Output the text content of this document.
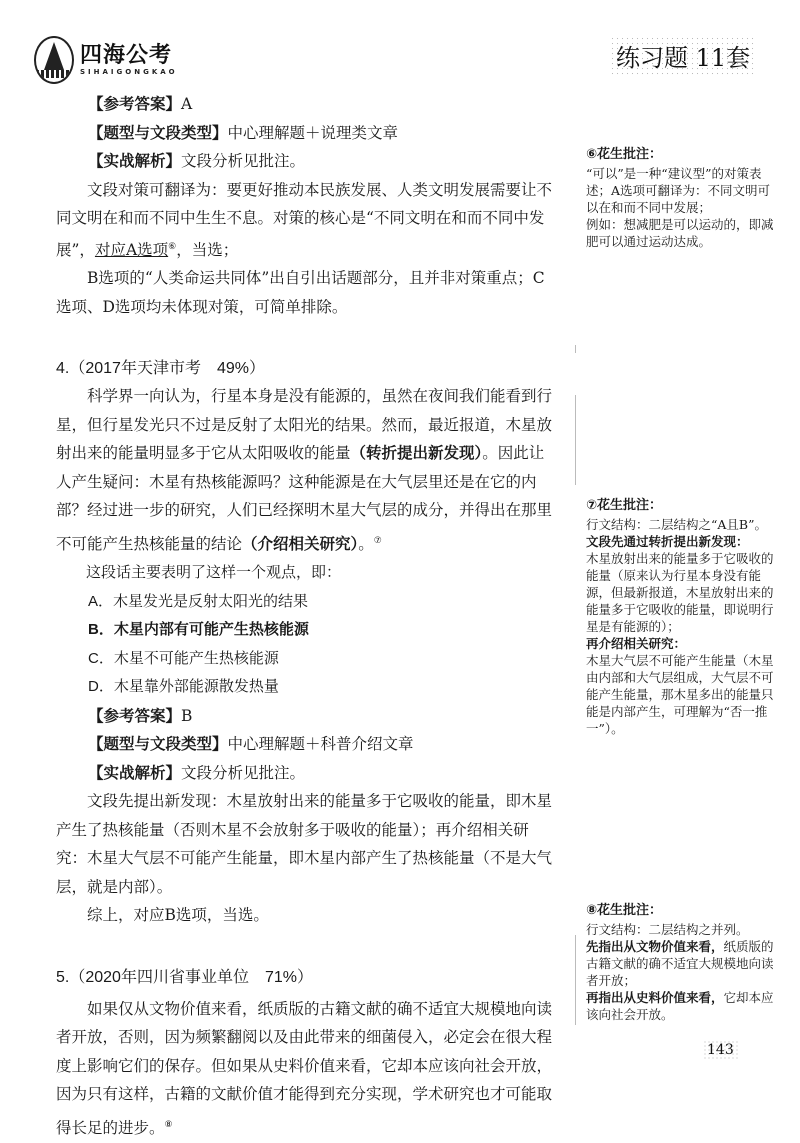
四海公考
SIHAIGONGKAO	练习题 11套

【参考答案】A

【题型与文段类型】中心理解题＋说理类文章

【实战解析】文段分析见批注。

文段对策可翻译为：要更好推动本民族发展、人类文明发展需要让不同文明在和而不同中生生不息。对策的核心是“不同文明在和而不同中发展”，对应A选项⑥，当选；

B选项的“人类命运共同体”出自引出话题部分，且并非对策重点；C选项、D选项均未体现对策，可简单排除。

4.（2017年天津市考　49%）

科学界一向认为，行星本身是没有能源的，虽然在夜间我们能看到行星，但行星发光只不过是反射了太阳光的结果。然而，最近报道，木星放射出来的能量明显多于它从太阳吸收的能量（转折提出新发现）。因此让人产生疑问：木星有热核能源吗？这种能源是在大气层里还是在它的内部？经过进一步的研究，人们已经探明木星大气层的成分，并得出在那里不可能产生热核能量的结论（介绍相关研究）。⑦

这段话主要表明了这样一个观点，即：

A．木星发光是反射太阳光的结果

B．木星内部有可能产生热核能源

C．木星不可能产生热核能源

D．木星靠外部能源散发热量

【参考答案】B

【题型与文段类型】中心理解题＋科普介绍文章

【实战解析】文段分析见批注。

文段先提出新发现：木星放射出来的能量多于它吸收的能量，即木星产生了热核能量（否则木星不会放射多于吸收的能量）；再介绍相关研究：木星大气层不可能产生能量，即木星内部产生了热核能量（不是大气层，就是内部）。

综上，对应B选项，当选。

5.（2020年四川省事业单位　71%）

如果仅从文物价值来看，纸质版的古籍文献的确不适宜大规模地向读者开放，否则，因为频繁翻阅以及由此带来的细菌侵入，必定会在很大程度上影响它们的保存。但如果从史料价值来看，它却本应该向社会开放，因为只有这样，古籍的文献价值才能得到充分实现，学术研究也才可能取得长足的进步。⑧

⑥花生批注：

“可以”是一种“建议型”的对策表述；A选项可翻译为：不同文明可以在和而不同中发展；

例如：想减肥是可以运动的，即减肥可以通过运动达成。

⑦花生批注：

行文结构：二层结构之“A且B”。

文段先通过转折提出新发现：

木星放射出来的能量多于它吸收的能量（原来认为行星本身没有能源，但最新报道，木星放射出来的能量多于它吸收的能量，即说明行星是有能源的）；

再介绍相关研究：

木星大气层不可能产生能量（木星由内部和大气层组成，大气层不可能产生能量，那木星多出的能量只能是内部产生，可理解为“否一推一”）。

⑧花生批注：

行文结构：二层结构之并列。

先指出从文物价值来看，纸质版的古籍文献的确不适宜大规模地向读者开放；

再指出从史料价值来看，它却本应该向社会开放。

143
